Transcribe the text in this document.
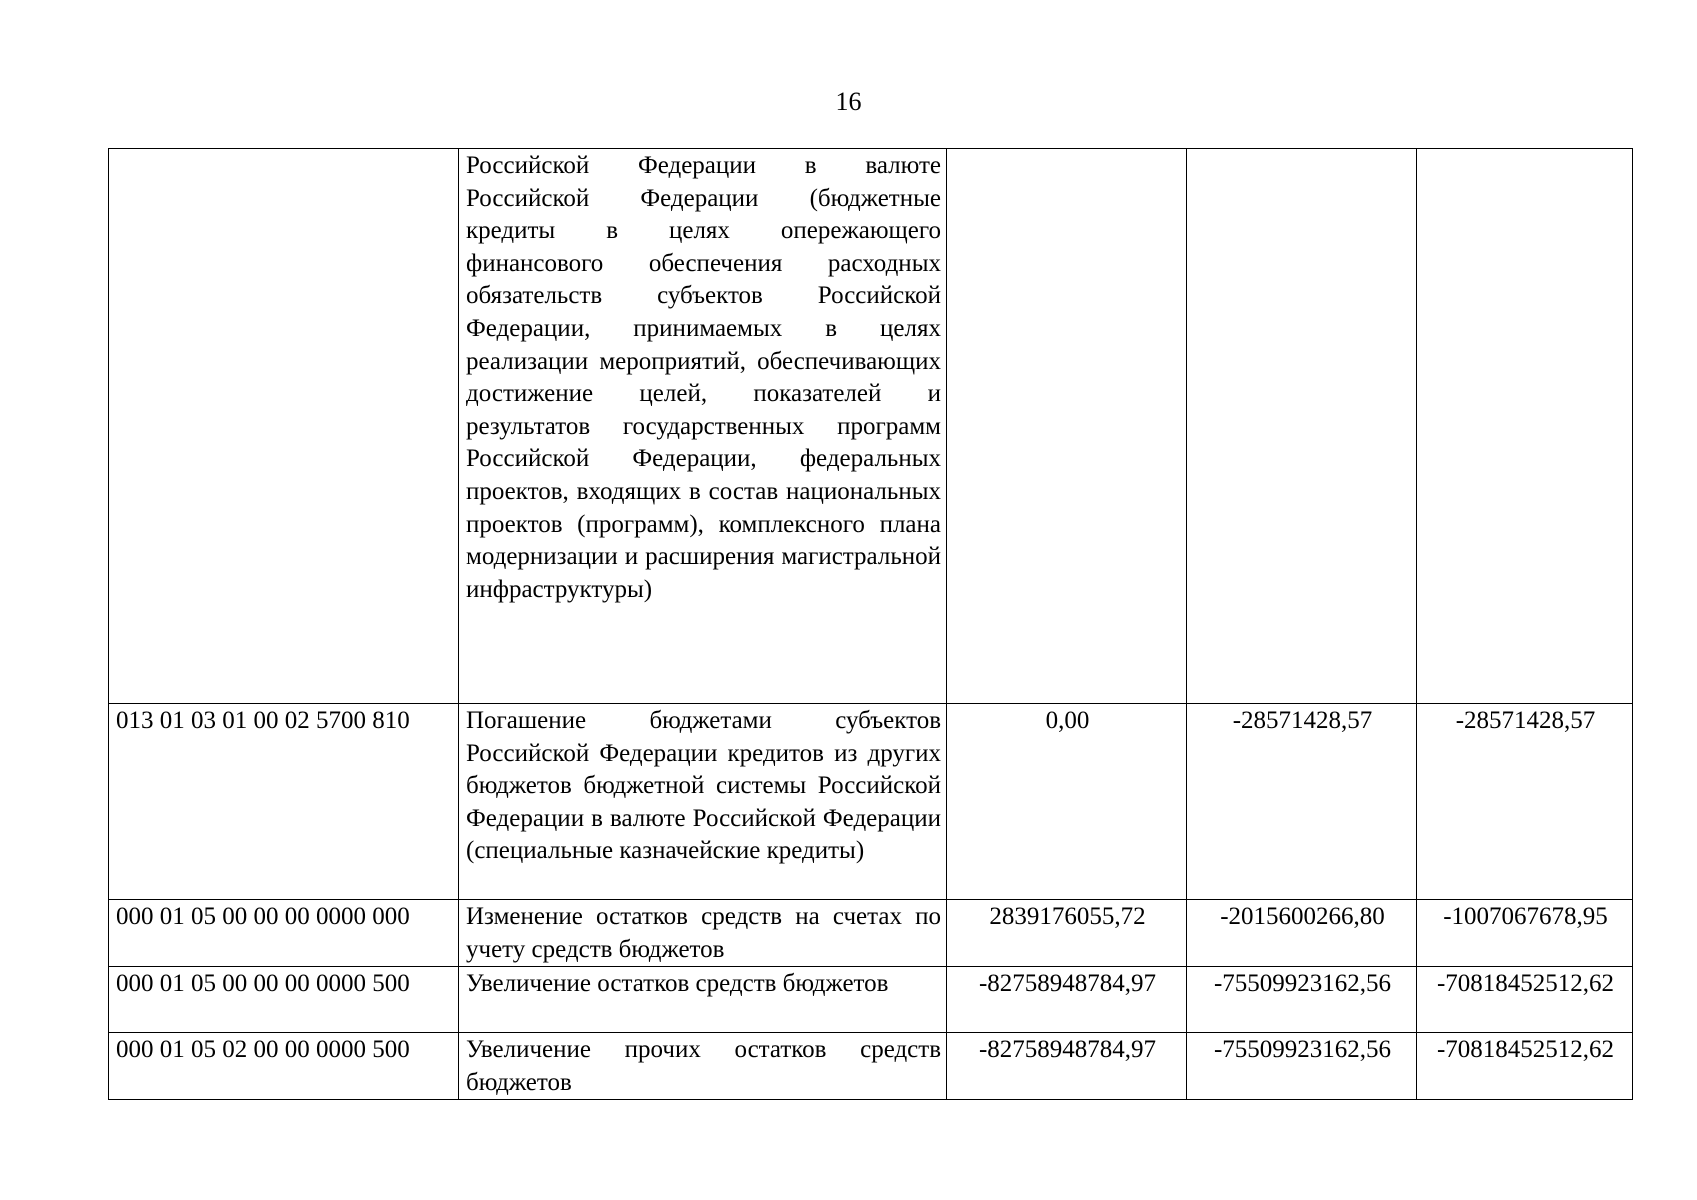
16
	Российской Федерации в валюте Российской Федерации (бюджетные кредиты в целях опережающего финансового обеспечения расходных обязательств субъектов Российской Федерации, принимаемых в целях реализации мероприятий, обеспечивающих достижение целей, показателей и результатов государственных программ Российской Федерации, федеральных проектов, входящих в состав национальных проектов (программ), комплексного плана модернизации и расширения магистральной инфраструктуры)			
013 01 03 01 00 02 5700 810	Погашение бюджетами субъектов Российской Федерации кредитов из других бюджетов бюджетной системы Российской Федерации в валюте Российской Федерации (специальные казначейские кредиты)	0,00	-28571428,57	-28571428,57
000 01 05 00 00 00 0000 000	Изменение остатков средств на счетах по учету средств бюджетов	2839176055,72	-2015600266,80	-1007067678,95
000 01 05 00 00 00 0000 500	Увеличение остатков средств бюджетов	-82758948784,97	-75509923162,56	-70818452512,62
000 01 05 02 00 00 0000 500	Увеличение прочих остатков средств бюджетов	-82758948784,97	-75509923162,56	-70818452512,62
